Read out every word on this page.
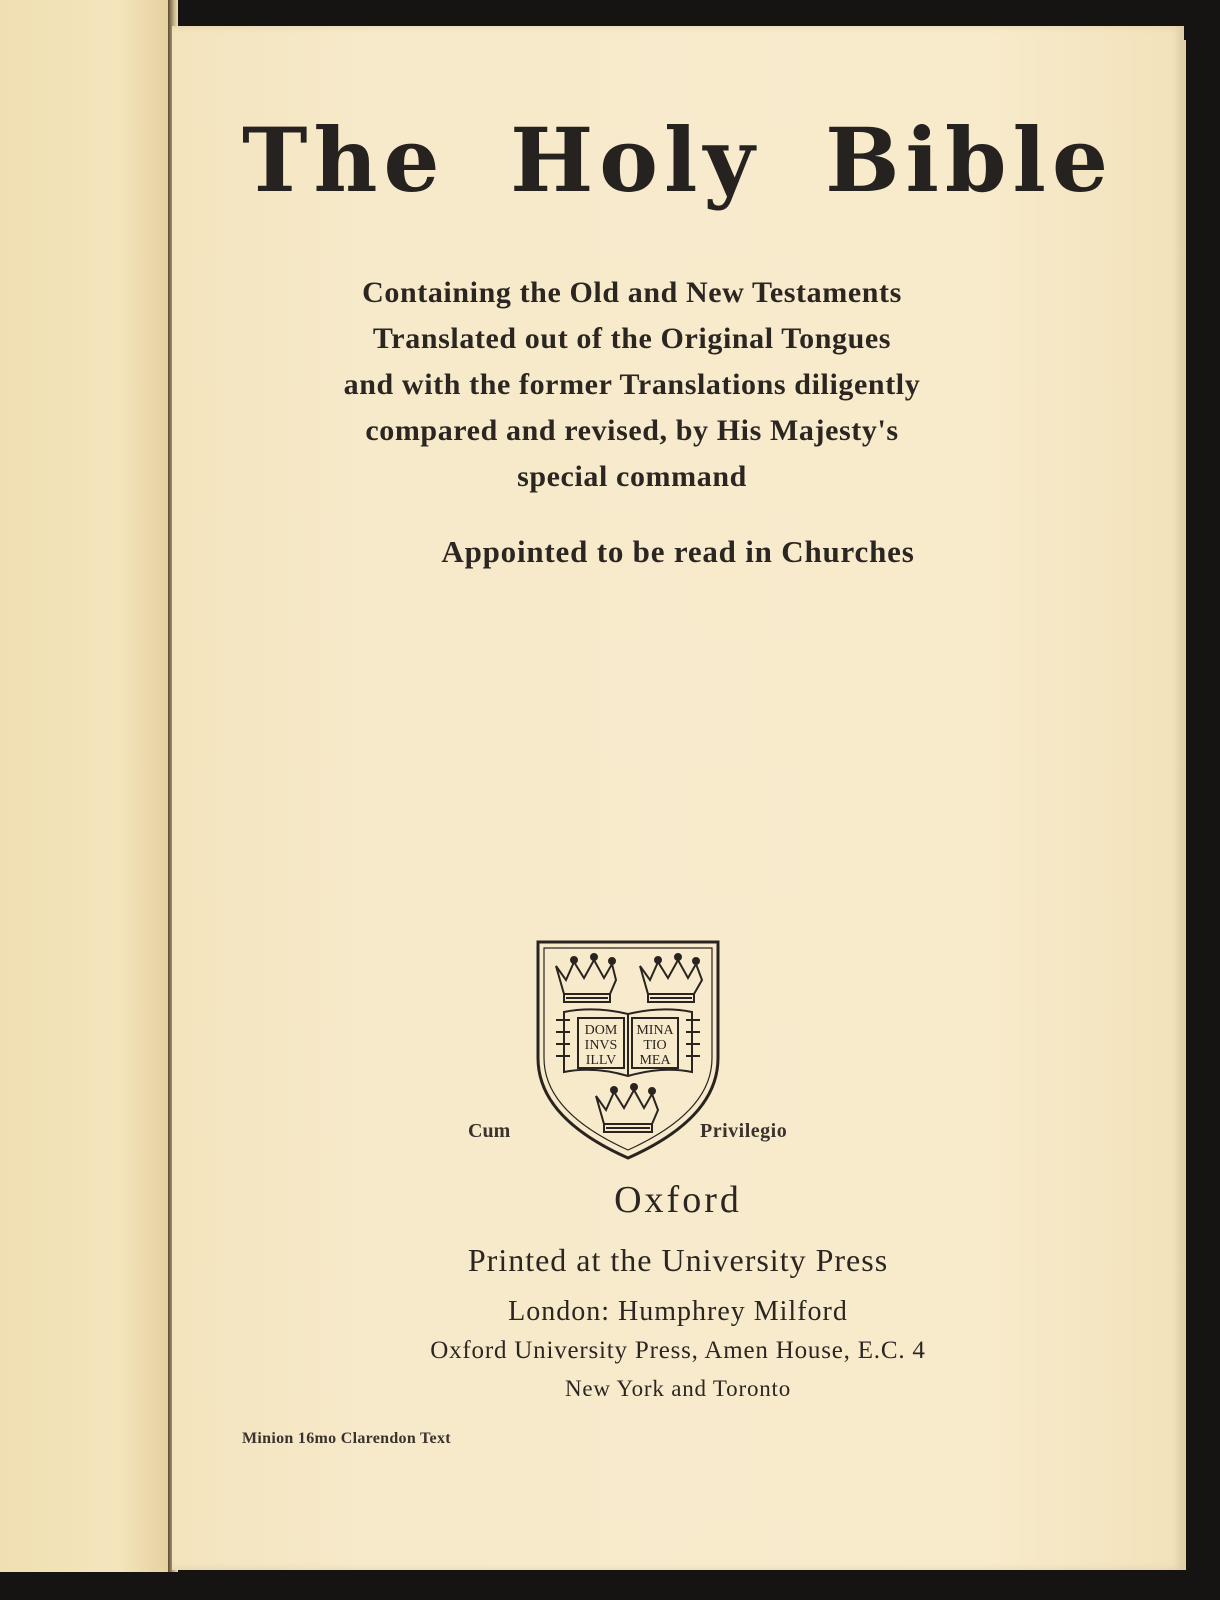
The Holy Bible
Containing the Old and New Testaments
Translated out of the Original Tongues
and with the former Translations diligently
compared and revised, by His Majesty's
special command
Appointed to be read in Churches
DOM
INVS
ILLV
MINA
TIO
MEA
Cum	Privilegio
Oxford
Printed at the University Press
London: Humphrey Milford
Oxford University Press, Amen House, E.C. 4
New York and Toronto
Minion 16mo Clarendon Text
